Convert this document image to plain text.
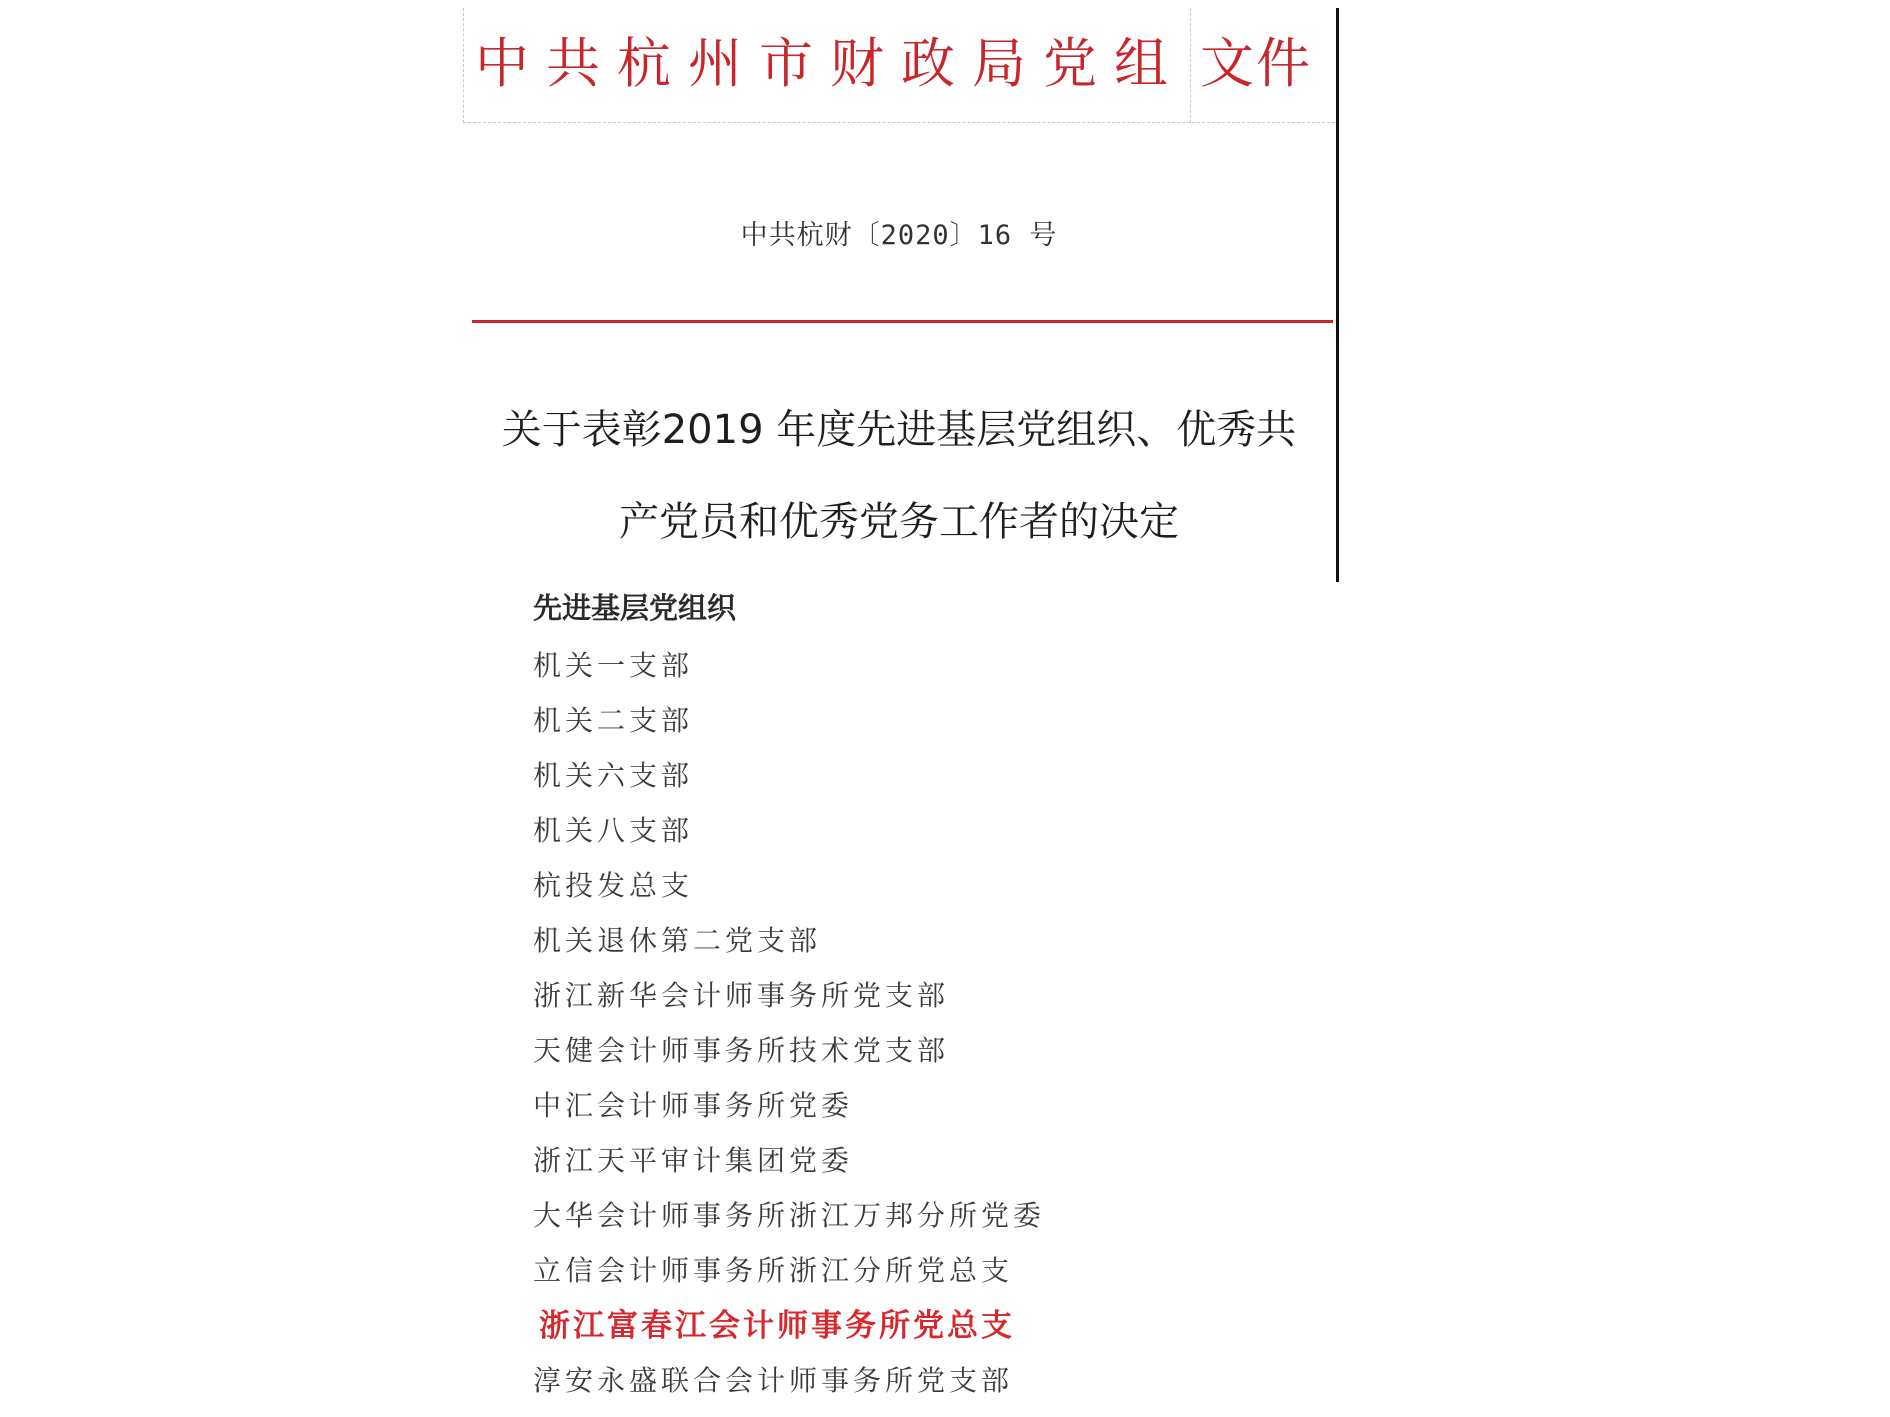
中共杭州市财政局党组 文件
中共杭财〔2020〕16 号
关于表彰2019 年度先进基层党组织、优秀共
产党员和优秀党务工作者的决定
先进基层党组织
机关一支部
机关二支部
机关六支部
机关八支部
杭投发总支
机关退休第二党支部
浙江新华会计师事务所党支部
天健会计师事务所技术党支部
中汇会计师事务所党委
浙江天平审计集团党委
大华会计师事务所浙江万邦分所党委
立信会计师事务所浙江分所党总支
浙江富春江会计师事务所党总支
淳安永盛联合会计师事务所党支部
